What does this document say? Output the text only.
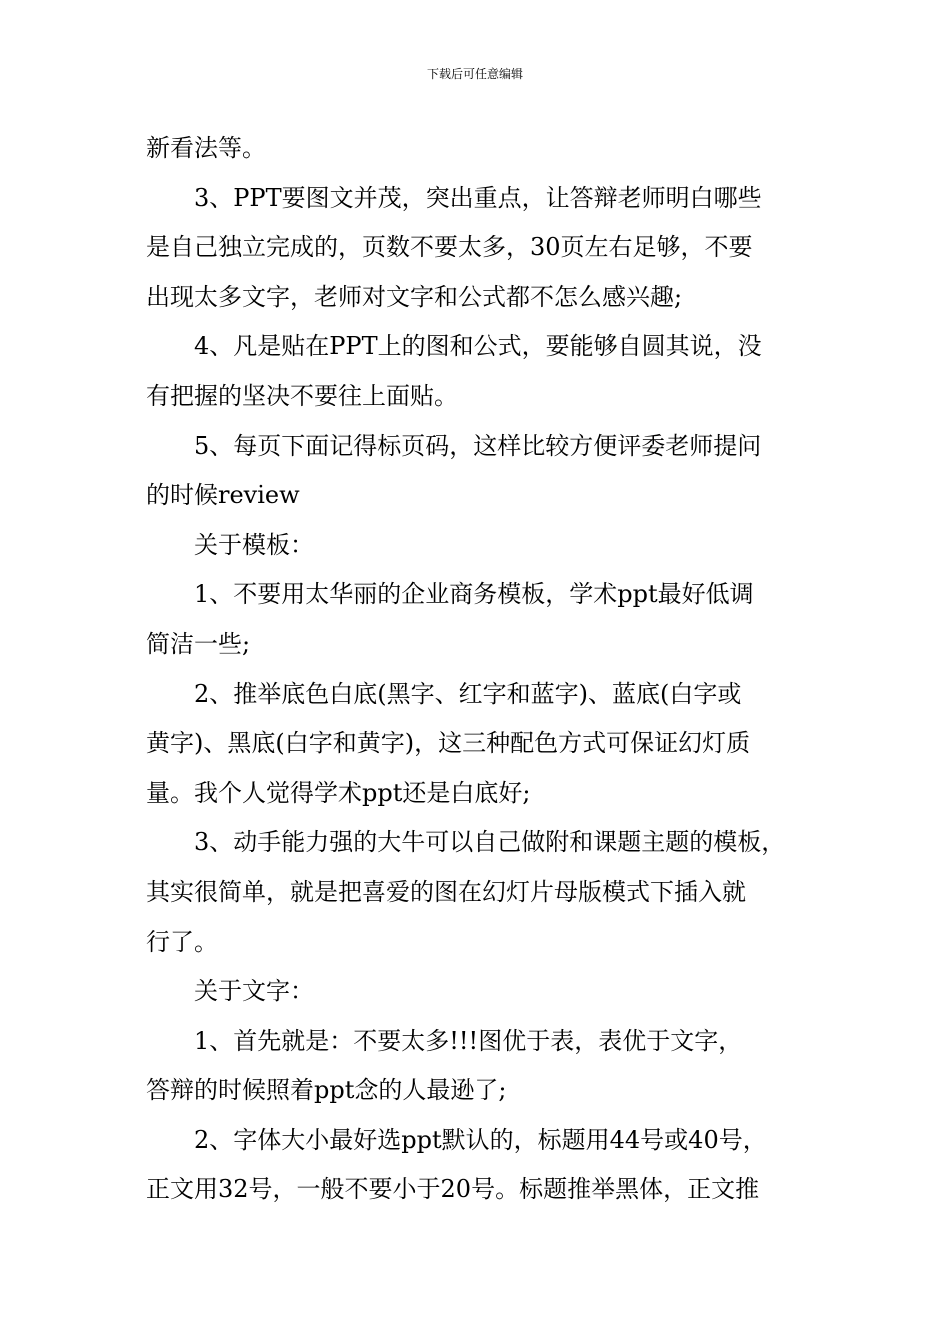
下载后可任意编辑

新看法等。

3、PPT要图文并茂，突出重点，让答辩老师明白哪些

是自己独立完成的，页数不要太多，30页左右足够，不要

出现太多文字，老师对文字和公式都不怎么感兴趣;

4、凡是贴在PPT上的图和公式，要能够自圆其说，没

有把握的坚决不要往上面贴。

5、每页下面记得标页码，这样比较方便评委老师提问

的时候review

关于模板：

1、不要用太华丽的企业商务模板，学术ppt最好低调

简洁一些;

2、推举底色白底(黑字、红字和蓝字)、蓝底(白字或

黄字)、黑底(白字和黄字)，这三种配色方式可保证幻灯质

量。我个人觉得学术ppt还是白底好;

3、动手能力强的大牛可以自己做附和课题主题的模板，

其实很简单，就是把喜爱的图在幻灯片母版模式下插入就

行了。

关于文字：

1、首先就是：不要太多!!!图优于表，表优于文字，

答辩的时候照着ppt念的人最逊了;

2、字体大小最好选ppt默认的，标题用44号或40号，

正文用32号，一般不要小于20号。标题推举黑体，正文推
